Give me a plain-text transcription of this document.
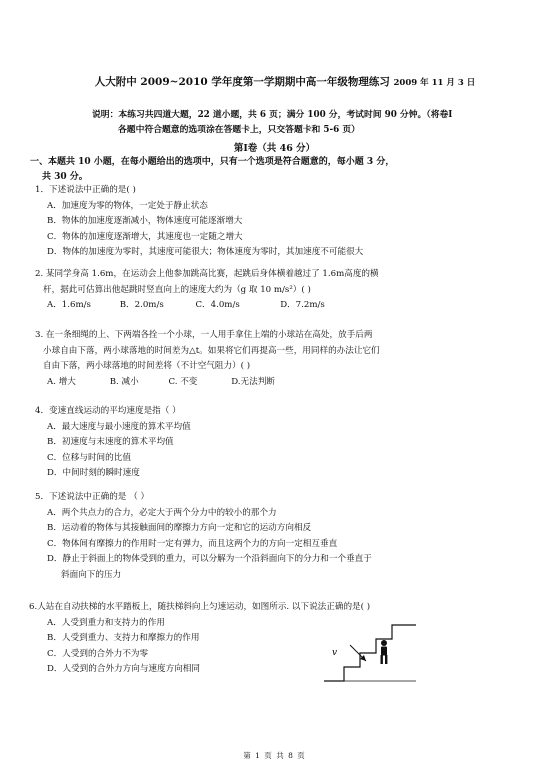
人大附中 2009~2010 学年度第一学期期中高一年级物理练习 2009 年 11 月 3 日
说明：本练习共四道大题，22 道小题，共 6 页；满分 100 分，考试时间 90 分钟。（将卷Ⅰ
各题中符合题意的选项涂在答题卡上，只交答题卡和 5-6 页）
第Ⅰ卷（共 46 分）
一、本题共 10 小题，在每小题给出的选项中，只有一个选项是符合题意的，每小题 3 分，
共 30 分。
1．下述说法中正确的是( )
A．加速度为零的物体，一定处于静止状态
B．物体的加速度逐渐减小，物体速度可能逐渐增大
C．物体的加速度逐渐增大，其速度也一定随之增大
D．物体的加速度为零时，其速度可能很大；物体速度为零时，其加速度不可能很大
2. 某同学身高 1.6m，在运动会上他参加跳高比赛，起跳后身体横着越过了 1.6m高度的横
杆，据此可估算出他起跳时竖直向上的速度大约为（g 取 10 m/s²）( )
A．1.6m/s	B．2.0m/s	C．4.0m/s	D．7.2m/s
3. 在一条细绳的上、下两端各拴一个小球，一人用手拿住上端的小球站在高处，放手后两
小球自由下落，两小球落地的时间差为△t。如果将它们再提高一些，用同样的办法让它们
自由下落，两小球落地的时间差将（不计空气阻力）( )
A. 增大	B. 减小	C. 不变	D.无法判断
4．变速直线运动的平均速度是指（ ）
A．最大速度与最小速度的算术平均值
B．初速度与末速度的算术平均值
C．位移与时间的比值
D．中间时刻的瞬时速度
5．下述说法中正确的是 （ ）
A．两个共点力的合力，必定大于两个分力中的较小的那个力
B．运动着的物体与其接触面间的摩擦力方向一定和它的运动方向相反
C．物体间有摩擦力的作用时一定有弹力，而且这两个力的方向一定相互垂直
D．静止于斜面上的物体受到的重力，可以分解为一个沿斜面向下的分力和一个垂直于
斜面向下的压力
6.人站在自动扶梯的水平踏板上，随扶梯斜向上匀速运动，如图所示. 以下说法正确的是( )
A．人受到重力和支持力的作用
B．人受到重力、支持力和摩擦力的作用
C．人受到的合外力不为零
D．人受到的合外力方向与速度方向相同
v
第 1 页 共 8 页
